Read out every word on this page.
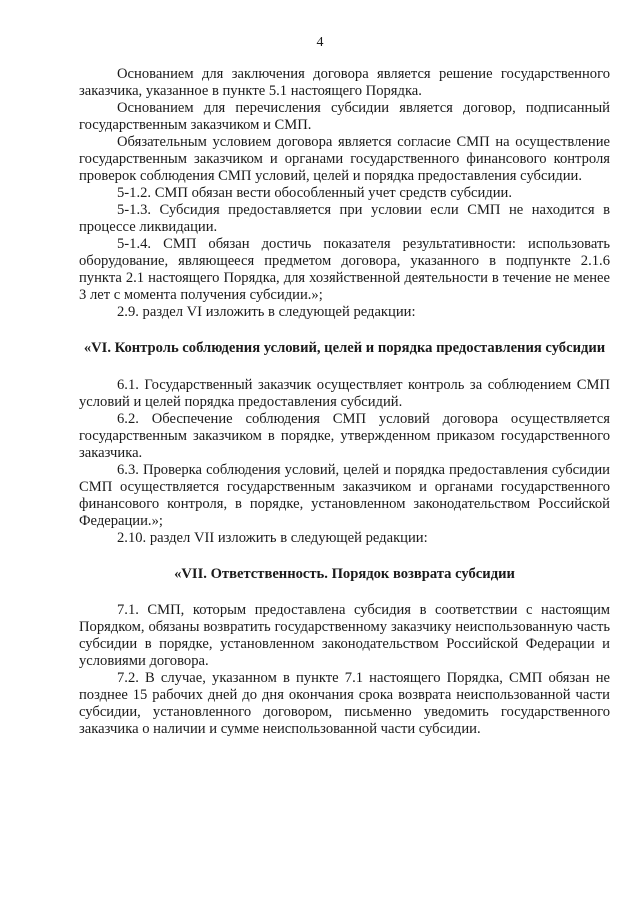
4

Основанием для заключения договора является решение государственного заказчика, указанное в пункте 5.1 настоящего Порядка.

Основанием для перечисления субсидии является договор, подписанный государственным заказчиком и СМП.

Обязательным условием договора является согласие СМП на осуществление государственным заказчиком и органами государственного финансового контроля проверок соблюдения СМП условий, целей и порядка предоставления субсидии.

5-1.2. СМП обязан вести обособленный учет средств субсидии.

5-1.3. Субсидия предоставляется при условии если СМП не находится в процессе ликвидации.

5-1.4. СМП обязан достичь показателя результативности: использовать оборудование, являющееся предметом договора, указанного в подпункте 2.1.6 пункта 2.1 настоящего Порядка, для хозяйственной деятельности в течение не менее 3 лет с момента получения субсидии.»;

2.9. раздел VI изложить в следующей редакции:

«VI. Контроль соблюдения условий, целей и порядка предоставления субсидии

6.1. Государственный заказчик осуществляет контроль за соблюдением СМП условий и целей порядка предоставления субсидий.

6.2. Обеспечение соблюдения СМП условий договора осуществляется государственным заказчиком в порядке, утвержденном приказом государственного заказчика.

6.3. Проверка соблюдения условий, целей и порядка предоставления субсидии СМП осуществляется государственным заказчиком и органами государственного финансового контроля, в порядке, установленном законодательством Российской Федерации.»;

2.10. раздел VII изложить в следующей редакции:

«VII. Ответственность. Порядок возврата субсидии

7.1. СМП, которым предоставлена субсидия в соответствии с настоящим Порядком, обязаны возвратить государственному заказчику неиспользованную часть субсидии в порядке, установленном законодательством Российской Федерации и условиями договора.

7.2. В случае, указанном в пункте 7.1 настоящего Порядка, СМП обязан не позднее 15 рабочих дней до дня окончания срока возврата неиспользованной части субсидии, установленного договором, письменно уведомить государственного заказчика о наличии и сумме неиспользованной части субсидии.
